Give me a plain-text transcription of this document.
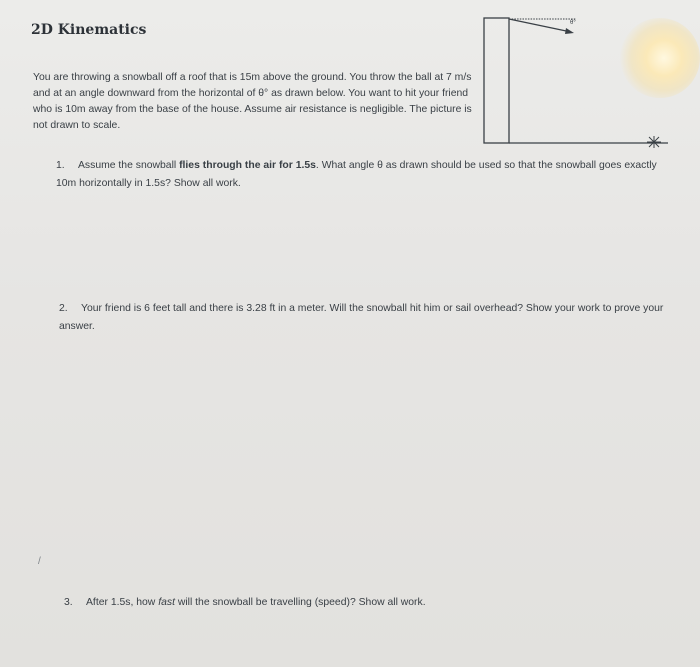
2D Kinematics

You are throwing a snowball off a roof that is 15m above the ground. You throw the ball at 7 m/s and at an angle downward from the horizontal of θ° as drawn below. You want to hit your friend who is 10m away from the base of the house. Assume air resistance is negligible. The picture is not drawn to scale.

θ°

1. Assume the snowball flies through the air for 1.5s. What angle θ as drawn should be used so that the snowball goes exactly 10m horizontally in 1.5s? Show all work.

2. Your friend is 6 feet tall and there is 3.28 ft in a meter. Will the snowball hit him or sail overhead? Show your work to prove your answer.

/

3. After 1.5s, how fast will the snowball be travelling (speed)? Show all work.
